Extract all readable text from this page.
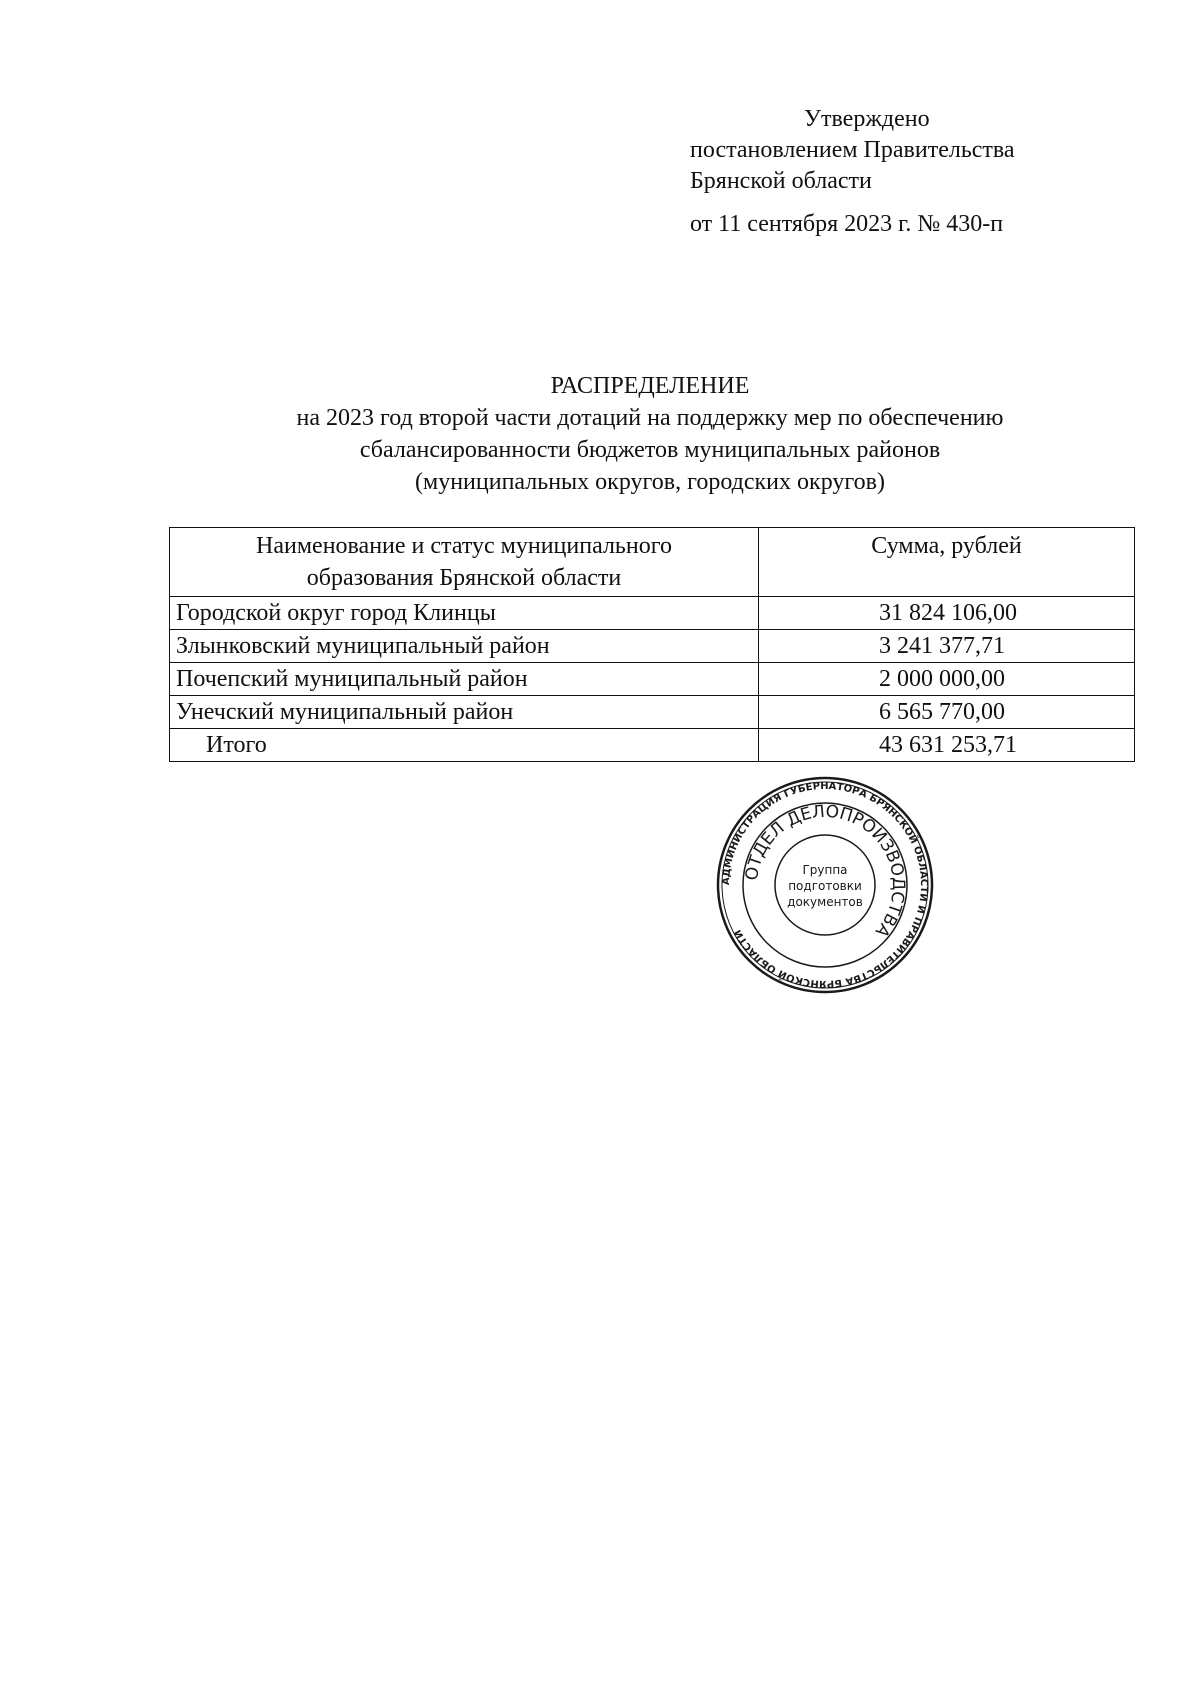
Утверждено
постановлением Правительства
Брянской области
от 11 сентября 2023 г. № 430-п
РАСПРЕДЕЛЕНИЕ
на 2023 год второй части дотаций на поддержку мер по обеспечению
сбалансированности бюджетов муниципальных районов
(муниципальных округов, городских округов)
Наименование и статус муниципального
образования Брянской области	Сумма, рублей
Городской округ город Клинцы	31 824 106,00
Злынковский муниципальный район	3 241 377,71
Почепский муниципальный район	2 000 000,00
Унечский муниципальный район	6 565 770,00
Итого	43 631 253,71
АДМИНИСТРАЦИЯ ГУБЕРНАТОРА БРЯНСКОЙ ОБЛАСТИ И ПРАВИТЕЛЬСТВА БРЯНСКОЙ ОБЛАСТИ
ОТДЕЛ ДЕЛОПРОИЗВОДСТВА
Группа
подготовки
документов
